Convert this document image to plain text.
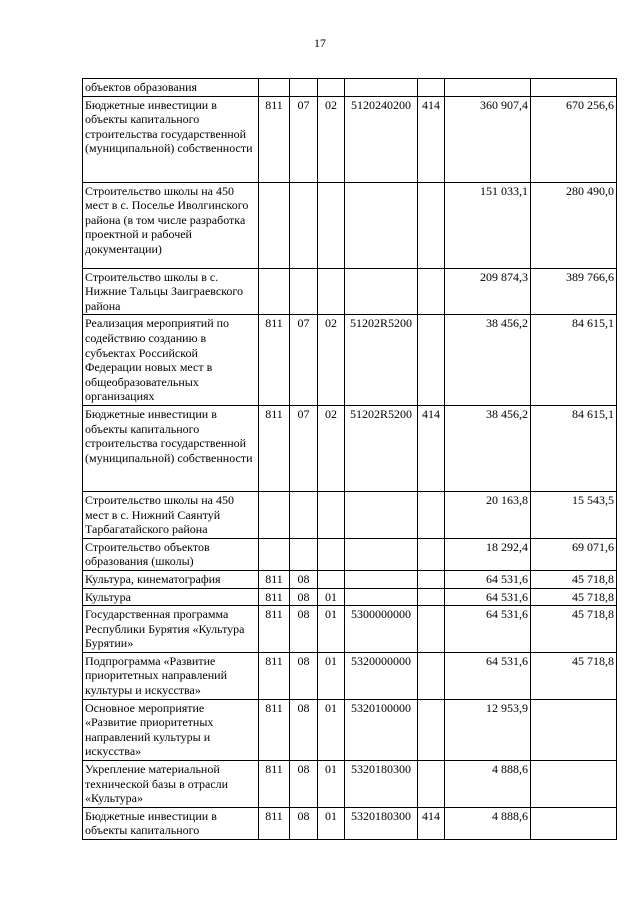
17
объектов образования							
Бюджетные инвестиции в объекты капитального строительства государственной (муниципальной) собственности	811	07	02	5120240200	414	360 907,4	670 256,6
Строительство школы на 450 мест в с. Поселье Иволгинского района (в том числе разработка проектной и рабочей документации)						151 033,1	280 490,0
Строительство школы в с. Нижние Тальцы Заиграевского района						209 874,3	389 766,6
Реализация мероприятий по содействию созданию в субъектах Российской Федерации новых мест в общеобразовательных организациях	811	07	02	51202R5200		38 456,2	84 615,1
Бюджетные инвестиции в объекты капитального строительства государственной (муниципальной) собственности	811	07	02	51202R5200	414	38 456,2	84 615,1
Строительство школы на 450 мест в с. Нижний Саянтуй Тарбагатайского района						20 163,8	15 543,5
Строительство объектов образования (школы)						18 292,4	69 071,6
Культура, кинематография	811	08				64 531,6	45 718,8
Культура	811	08	01			64 531,6	45 718,8
Государственная программа Республики Бурятия «Культура Бурятии»	811	08	01	5300000000		64 531,6	45 718,8
Подпрограмма «Развитие приоритетных направлений культуры и искусства»	811	08	01	5320000000		64 531,6	45 718,8
Основное мероприятие «Развитие приоритетных направлений культуры и искусства»	811	08	01	5320100000		12 953,9	
Укрепление материальной технической базы в отрасли «Культура»	811	08	01	5320180300		4 888,6	
Бюджетные инвестиции в объекты капитального	811	08	01	5320180300	414	4 888,6	
